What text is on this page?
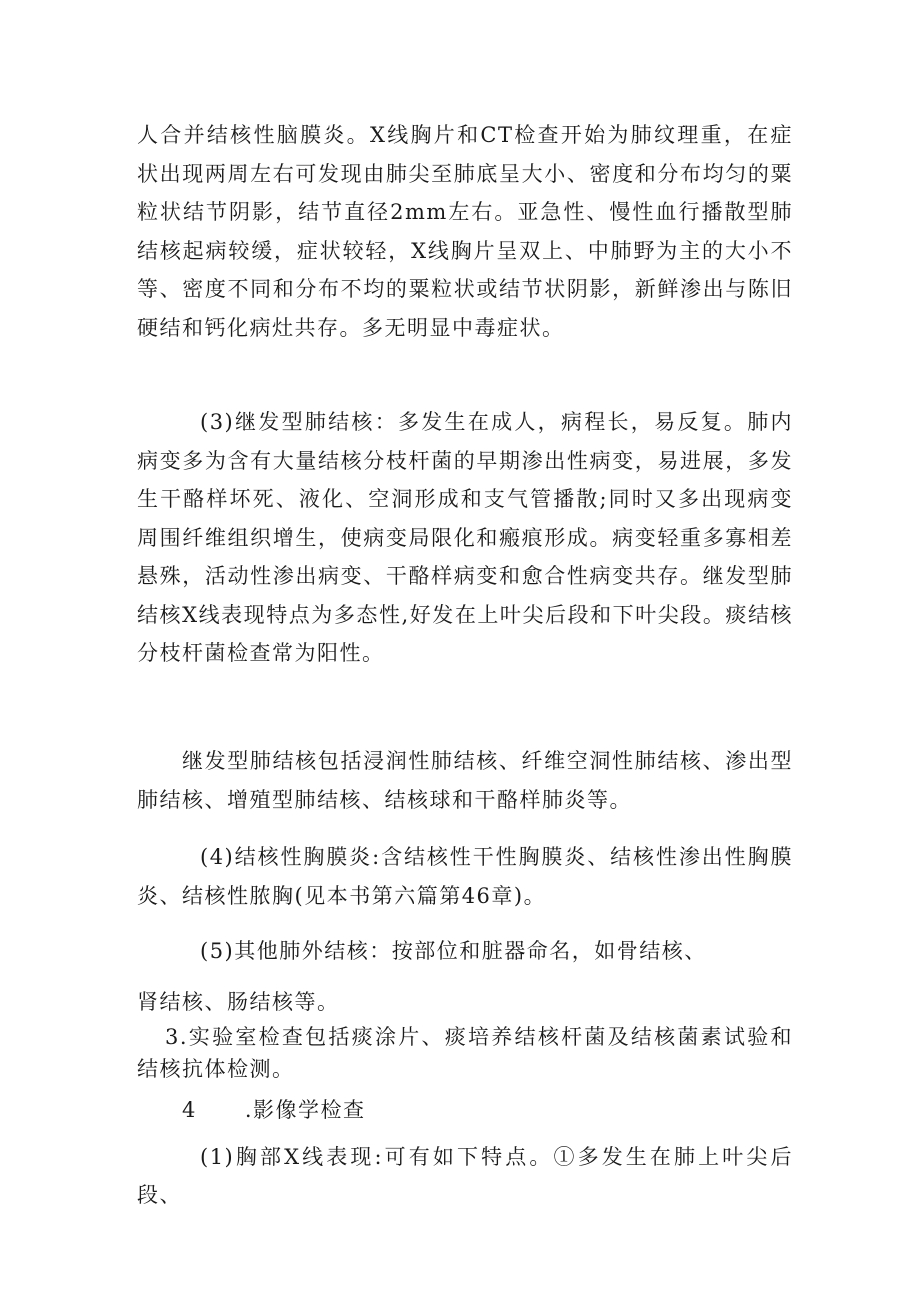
人合并结核性脑膜炎。X线胸片和CT检查开始为肺纹理重，在症状出现两周左右可发现由肺尖至肺底呈大小、密度和分布均匀的粟粒状结节阴影，结节直径2mm左右。亚急性、慢性血行播散型肺结核起病较缓，症状较轻，X线胸片呈双上、中肺野为主的大小不等、密度不同和分布不均的粟粒状或结节状阴影，新鲜渗出与陈旧硬结和钙化病灶共存。多无明显中毒症状。

(3)继发型肺结核：多发生在成人，病程长，易反复。肺内病变多为含有大量结核分枝杆菌的早期渗出性病变，易进展，多发生干酪样坏死、液化、空洞形成和支气管播散;同时又多出现病变周围纤维组织增生，使病变局限化和瘢痕形成。病变轻重多寡相差悬殊，活动性渗出病变、干酪样病变和愈合性病变共存。继发型肺结核X线表现特点为多态性,好发在上叶尖后段和下叶尖段。痰结核分枝杆菌检查常为阳性。

继发型肺结核包括浸润性肺结核、纤维空洞性肺结核、渗出型肺结核、增殖型肺结核、结核球和干酪样肺炎等。

(4)结核性胸膜炎:含结核性干性胸膜炎、结核性渗出性胸膜炎、结核性脓胸(见本书第六篇第46章)。

(5)其他肺外结核：按部位和脏器命名，如骨结核、

肾结核、肠结核等。

3.实验室检查包括痰涂片、痰培养结核杆菌及结核菌素试验和结核抗体检测。

4 .影像学检查

(1)胸部X线表现:可有如下特点。①多发生在肺上叶尖后段、
